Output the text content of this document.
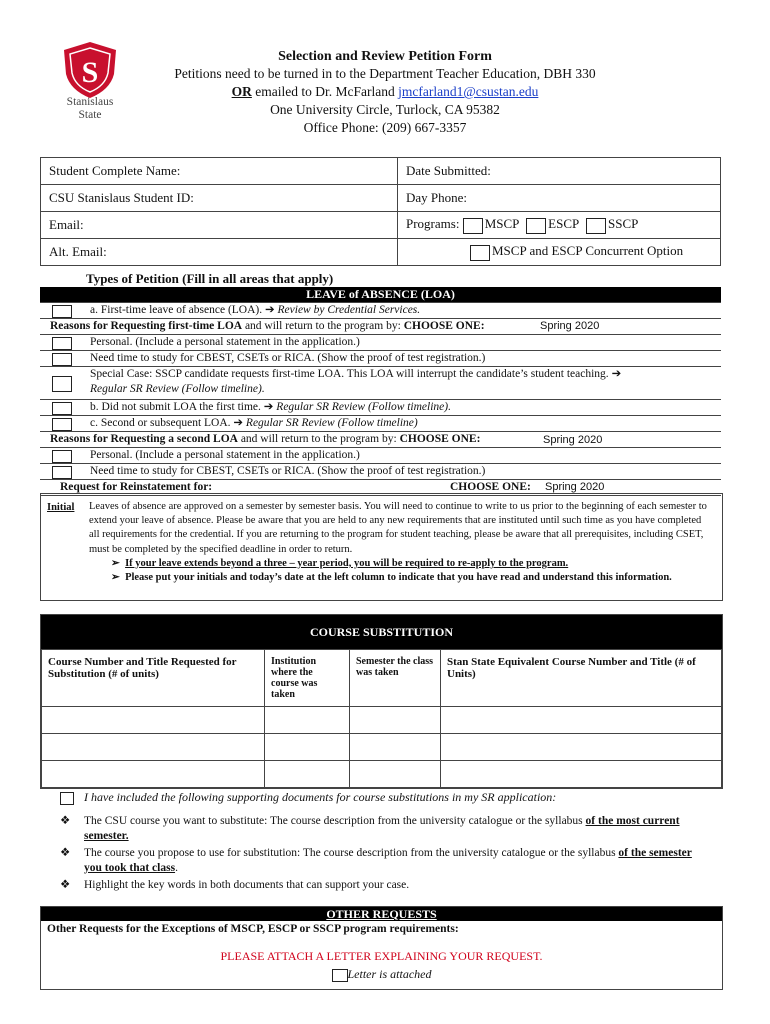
S
Stanislaus
State
Selection and Review Petition Form
Petitions need to be turned in to the Department Teacher Education, DBH 330
OR emailed to Dr. McFarland jmcfarland1@csustan.edu
One University Circle, Turlock, CA 95382
Office Phone: (209) 667-3357
Student Complete Name:	Date Submitted:
CSU Stanislaus Student ID:	Day Phone:
Email:	Programs: MSCP ESCP SSCP
Alt. Email:	MSCP and ESCP Concurrent Option
Types of Petition (Fill in all areas that apply)
LEAVE of ABSENCE (LOA)
a. First-time leave of absence (LOA). ➔ Review by Credential Services.
Reasons for Requesting first-time LOA and will return to the program by: CHOOSE ONE:	Spring 2020
Personal. (Include a personal statement in the application.)
Need time to study for CBEST, CSETs or RICA. (Show the proof of test registration.)
Special Case: SSCP candidate requests first-time LOA. This LOA will interrupt the candidate’s student teaching. ➔
Regular SR Review (Follow timeline).
b. Did not submit LOA the first time. ➔ Regular SR Review (Follow timeline).
c. Second or subsequent LOA. ➔ Regular SR Review (Follow timeline)
Reasons for Requesting a second LOA and will return to the program by: CHOOSE ONE:	Spring 2020
Personal. (Include a personal statement in the application.)
Need time to study for CBEST, CSETs or RICA. (Show the proof of test registration.)
Request for Reinstatement for:	CHOOSE ONE: Spring 2020
Initial Leaves of absence are approved on a semester by semester basis. You will need to continue to write to us prior to the beginning of each semester to extend your leave of absence. Please be aware that you are held to any new requirements that are instituted until such time as you have completed all requirements for the credential. If you are returning to the program for student teaching, please be aware that all prerequisites, including CSET, must be completed by the specified deadline in order to return.
➢  If your leave extends beyond a three – year period, you will be required to re-apply to the program.
➢  Please put your initials and today’s date at the left column to indicate that you have read and understand this information.
COURSE SUBSTITUTION
Course Number and Title Requested for Substitution (# of units)	Institution where the course was taken	Semester the class was taken	Stan State Equivalent Course Number and Title (# of Units)

I have included the following supporting documents for course substitutions in my SR application:
❖ The CSU course you want to substitute: The course description from the university catalogue or the syllabus of the most current semester.
❖ The course you propose to use for substitution: The course description from the university catalogue or the syllabus of the semester you took that class.
❖ Highlight the key words in both documents that can support your case.
OTHER REQUESTS
Other Requests for the Exceptions of MSCP, ESCP or SSCP program requirements:
PLEASE ATTACH A LETTER EXPLAINING YOUR REQUEST.
Letter is attached
